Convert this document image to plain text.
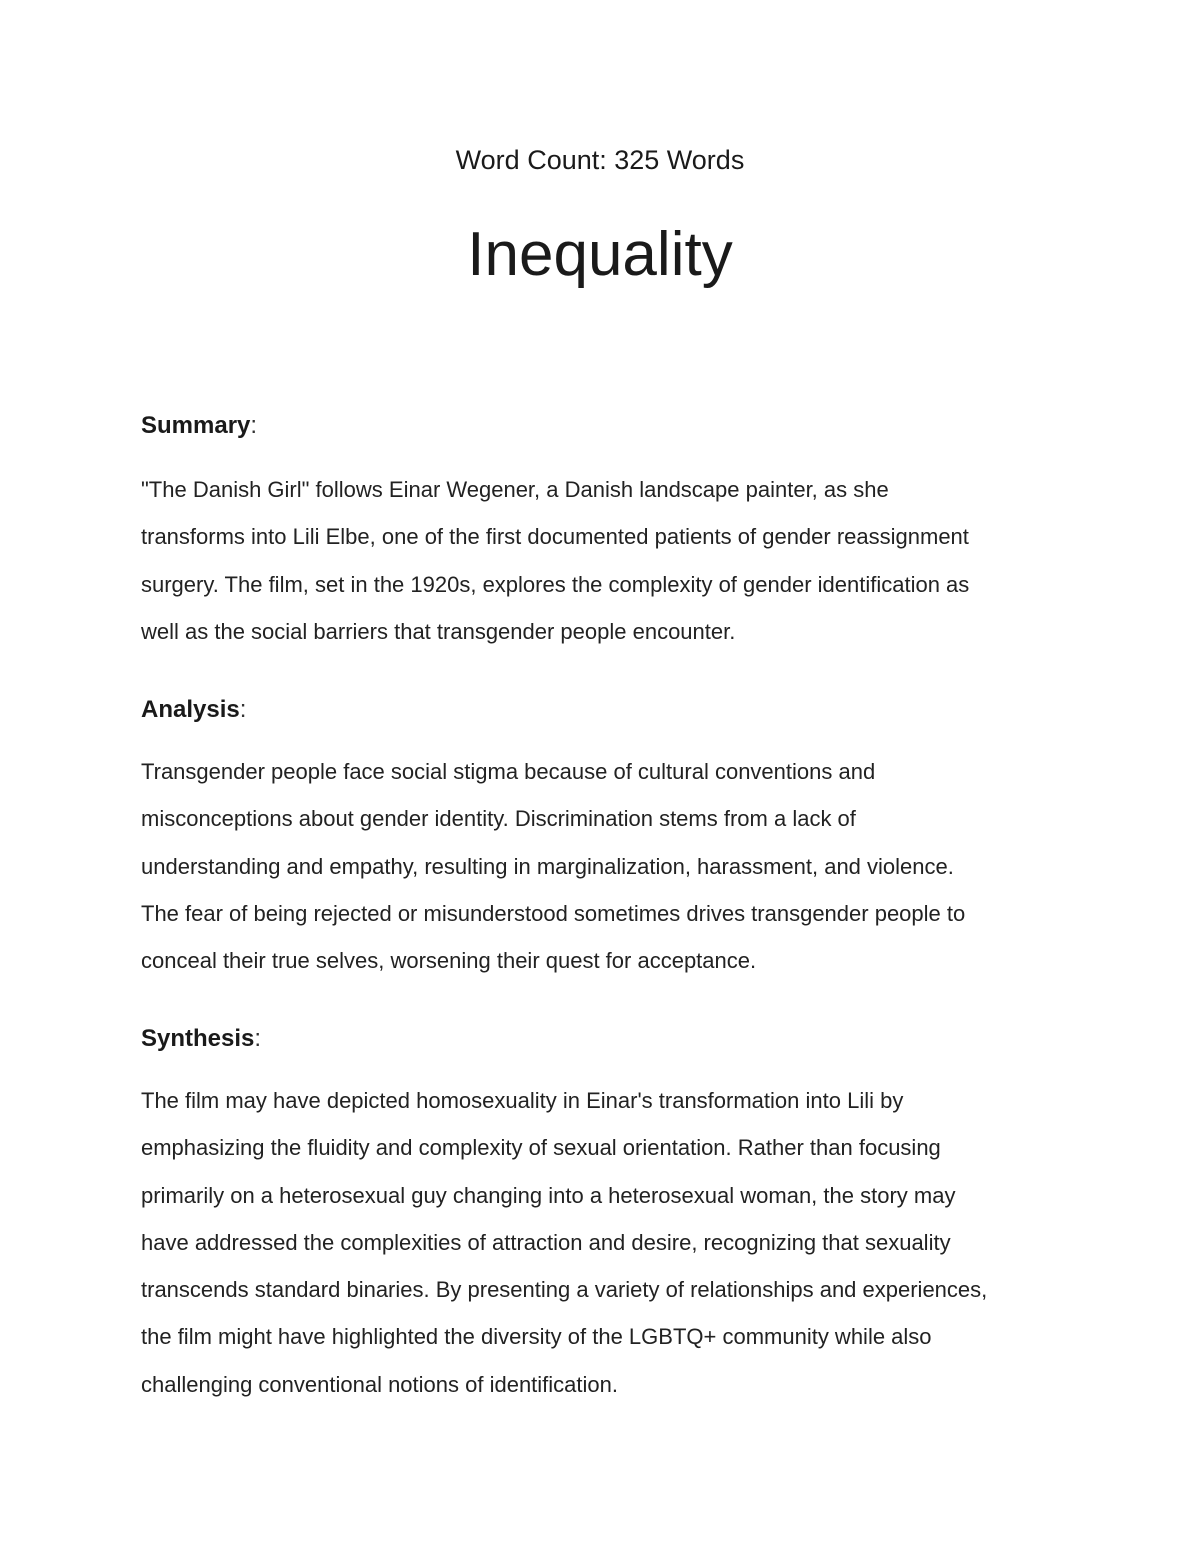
Word Count: 325 Words
Inequality

Summary:

"The Danish Girl" follows Einar Wegener, a Danish landscape painter, as she
transforms into Lili Elbe, one of the first documented patients of gender reassignment
surgery. The film, set in the 1920s, explores the complexity of gender identification as
well as the social barriers that transgender people encounter.

Analysis:

Transgender people face social stigma because of cultural conventions and
misconceptions about gender identity. Discrimination stems from a lack of
understanding and empathy, resulting in marginalization, harassment, and violence.
The fear of being rejected or misunderstood sometimes drives transgender people to
conceal their true selves, worsening their quest for acceptance.

Synthesis:

The film may have depicted homosexuality in Einar's transformation into Lili by
emphasizing the fluidity and complexity of sexual orientation. Rather than focusing
primarily on a heterosexual guy changing into a heterosexual woman, the story may
have addressed the complexities of attraction and desire, recognizing that sexuality
transcends standard binaries. By presenting a variety of relationships and experiences,
the film might have highlighted the diversity of the LGBTQ+ community while also
challenging conventional notions of identification.
